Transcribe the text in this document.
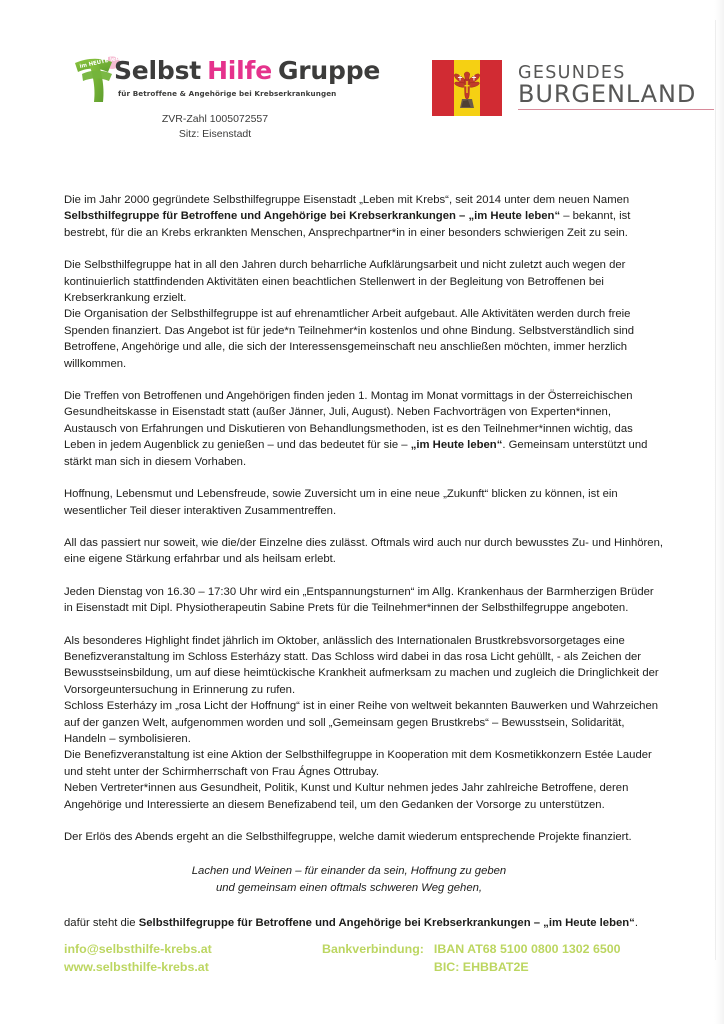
im HEUTE leben
Selbst Hilfe Gruppe
für Betroffene & Angehörige bei Krebserkrankungen
ZVR-Zahl 1005072557
Sitz: Eisenstadt
GESUNDES
BURGENLAND

Die im Jahr 2000 gegründete Selbsthilfegruppe Eisenstadt „Leben mit Krebs“, seit 2014 unter dem neuen Namen Selbsthilfegruppe für Betroffene und Angehörige bei Krebserkrankungen – „im Heute leben“ – bekannt, ist bestrebt, für die an Krebs erkrankten Menschen, Ansprechpartner*in in einer besonders schwierigen Zeit zu sein.

Die Selbsthilfegruppe hat in all den Jahren durch beharrliche Aufklärungsarbeit und nicht zuletzt auch wegen der kontinuierlich stattfindenden Aktivitäten einen beachtlichen Stellenwert in der Begleitung von Betroffenen bei Krebserkrankung erzielt.

Die Organisation der Selbsthilfegruppe ist auf ehrenamtlicher Arbeit aufgebaut. Alle Aktivitäten werden durch freie Spenden finanziert. Das Angebot ist für jede*n Teilnehmer*in kostenlos und ohne Bindung. Selbstverständlich sind Betroffene, Angehörige und alle, die sich der Interessensgemeinschaft neu anschließen möchten, immer herzlich willkommen.

Die Treffen von Betroffenen und Angehörigen finden jeden 1. Montag im Monat vormittags in der Österreichischen Gesundheitskasse in Eisenstadt statt (außer Jänner, Juli, August). Neben Fachvorträgen von Experten*innen, Austausch von Erfahrungen und Diskutieren von Behandlungsmethoden, ist es den Teilnehmer*innen wichtig, das Leben in jedem Augenblick zu genießen – und das bedeutet für sie – „im Heute leben“. Gemeinsam unterstützt und stärkt man sich in diesem Vorhaben.

Hoffnung, Lebensmut und Lebensfreude, sowie Zuversicht um in eine neue „Zukunft“ blicken zu können, ist ein wesentlicher Teil dieser interaktiven Zusammentreffen.

All das passiert nur soweit, wie die/der Einzelne dies zulässt. Oftmals wird auch nur durch bewusstes Zu- und Hinhören, eine eigene Stärkung erfahrbar und als heilsam erlebt.

Jeden Dienstag von 16.30 – 17:30 Uhr wird ein „Entspannungsturnen“ im Allg. Krankenhaus der Barmherzigen Brüder in Eisenstadt mit Dipl. Physiotherapeutin Sabine Prets für die Teilnehmer*innen der Selbsthilfegruppe angeboten.

Als besonderes Highlight findet jährlich im Oktober, anlässlich des Internationalen Brustkrebsvorsorgetages eine Benefizveranstaltung im Schloss Esterházy statt. Das Schloss wird dabei in das rosa Licht gehüllt, - als Zeichen der Bewusstseinsbildung, um auf diese heimtückische Krankheit aufmerksam zu machen und zugleich die Dringlichkeit der Vorsorgeuntersuchung in Erinnerung zu rufen.

Schloss Esterházy im „rosa Licht der Hoffnung“ ist in einer Reihe von weltweit bekannten Bauwerken und Wahrzeichen auf der ganzen Welt, aufgenommen worden und soll „Gemeinsam gegen Brustkrebs“ – Bewusstsein, Solidarität, Handeln – symbolisieren.

Die Benefizveranstaltung ist eine Aktion der Selbsthilfegruppe in Kooperation mit dem Kosmetikkonzern Estée Lauder und steht unter der Schirmherrschaft von Frau Ágnes Ottrubay.

Neben Vertreter*innen aus Gesundheit, Politik, Kunst und Kultur nehmen jedes Jahr zahlreiche Betroffene, deren Angehörige und Interessierte an diesem Benefizabend teil, um den Gedanken der Vorsorge zu unterstützen.

Der Erlös des Abends ergeht an die Selbsthilfegruppe, welche damit wiederum entsprechende Projekte finanziert.

Lachen und Weinen – für einander da sein, Hoffnung zu geben
und gemeinsam einen oftmals schweren Weg gehen,

dafür steht die Selbsthilfegruppe für Betroffene und Angehörige bei Krebserkrankungen – „im Heute leben“.

info@selbsthilfe-krebs.at
www.selbsthilfe-krebs.at
Bankverbindung: IBAN AT68 5100 0800 1302 6500
BIC: EHBBAT2E
